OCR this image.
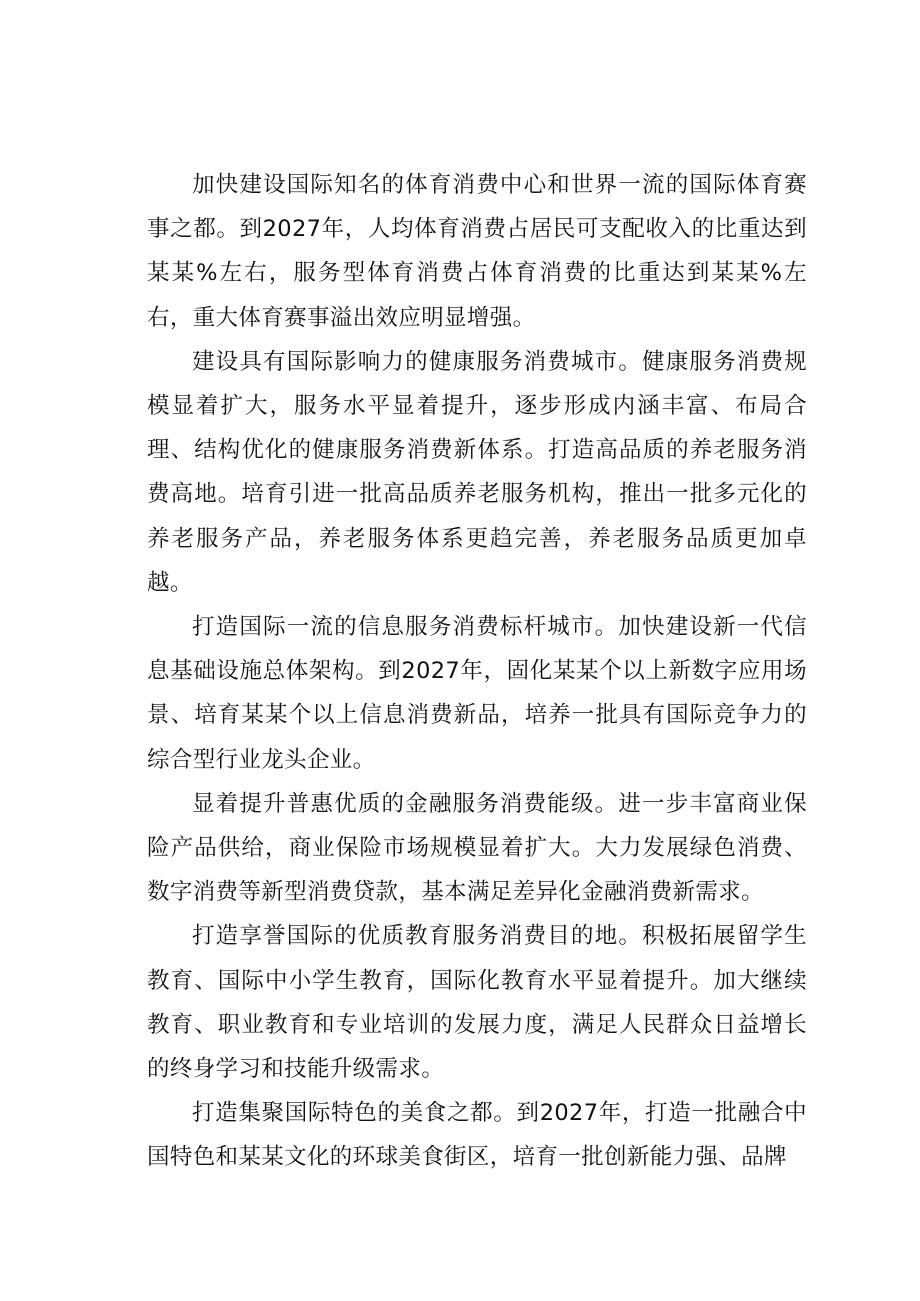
加快建设国际知名的体育消费中心和世界一流的国际体育赛事之都。到2027年，人均体育消费占居民可支配收入的比重达到某某%左右，服务型体育消费占体育消费的比重达到某某%左右，重大体育赛事溢出效应明显增强。

建设具有国际影响力的健康服务消费城市。健康服务消费规模显着扩大，服务水平显着提升，逐步形成内涵丰富、布局合理、结构优化的健康服务消费新体系。打造高品质的养老服务消费高地。培育引进一批高品质养老服务机构，推出一批多元化的养老服务产品，养老服务体系更趋完善，养老服务品质更加卓越。

打造国际一流的信息服务消费标杆城市。加快建设新一代信息基础设施总体架构。到2027年，固化某某个以上新数字应用场景、培育某某个以上信息消费新品，培养一批具有国际竞争力的综合型行业龙头企业。

显着提升普惠优质的金融服务消费能级。进一步丰富商业保险产品供给，商业保险市场规模显着扩大。大力发展绿色消费、数字消费等新型消费贷款，基本满足差异化金融消费新需求。

打造享誉国际的优质教育服务消费目的地。积极拓展留学生教育、国际中小学生教育，国际化教育水平显着提升。加大继续教育、职业教育和专业培训的发展力度，满足人民群众日益增长的终身学习和技能升级需求。

打造集聚国际特色的美食之都。到2027年，打造一批融合中国特色和某某文化的环球美食街区，培育一批创新能力强、品牌
